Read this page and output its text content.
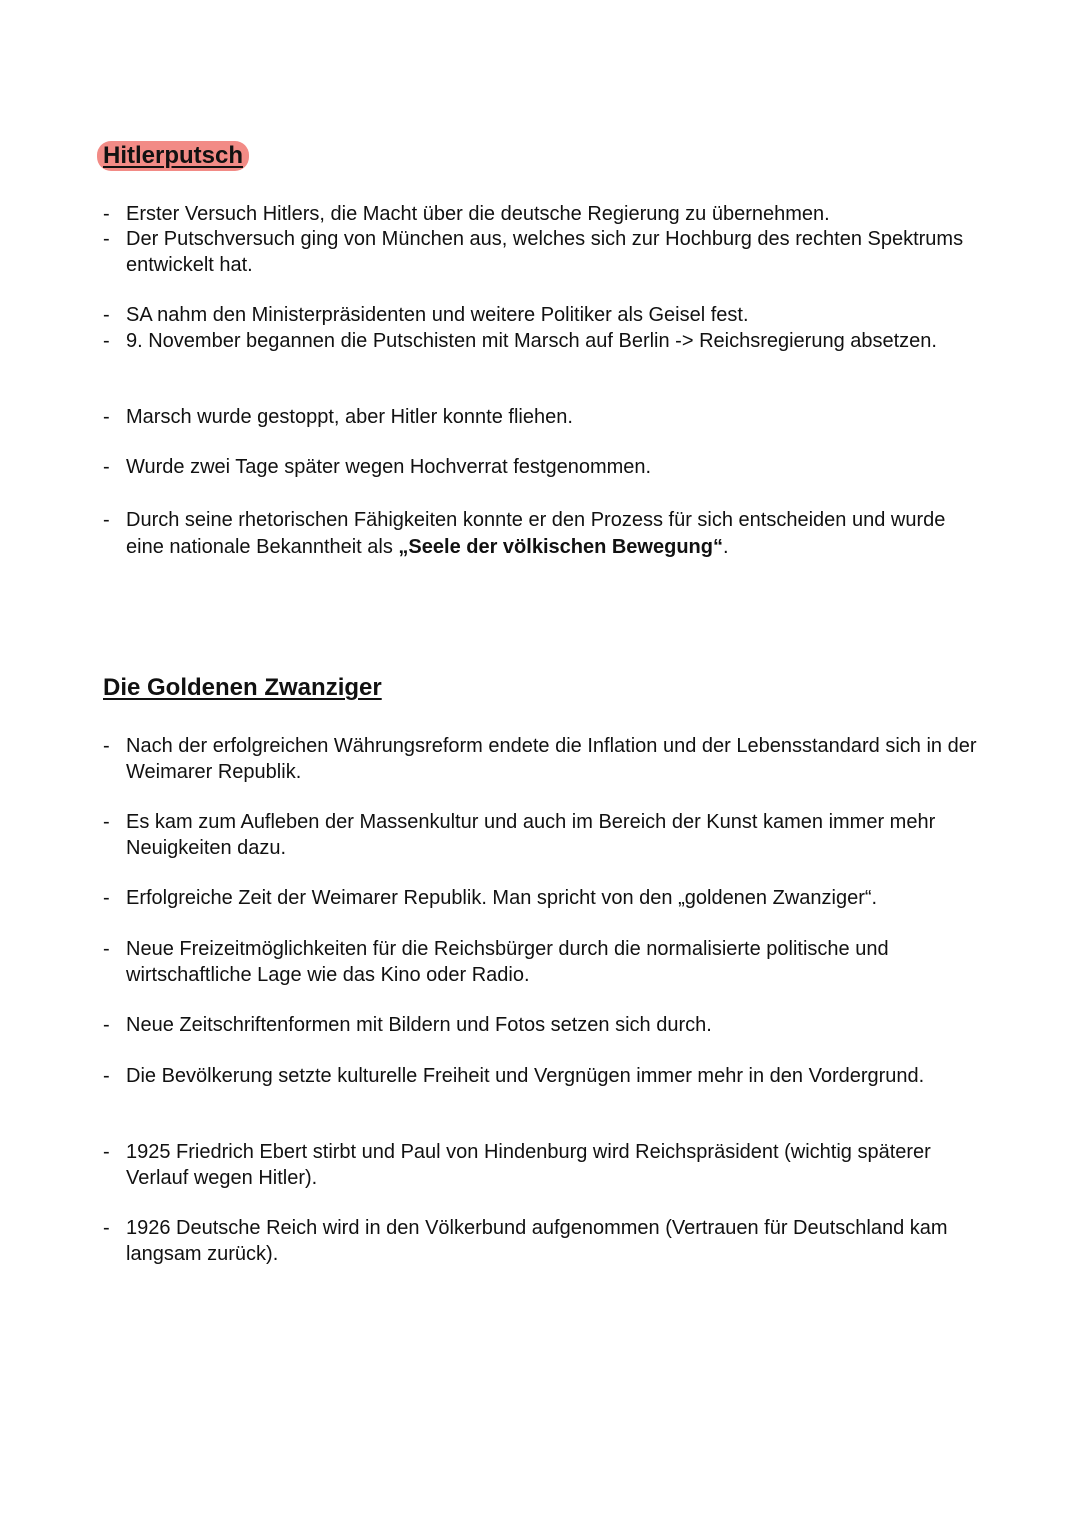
Hitlerputsch
- Erster Versuch Hitlers, die Macht über die deutsche Regierung zu übernehmen.
- Der Putschversuch ging von München aus, welches sich zur Hochburg des rechten Spektrums entwickelt hat.
- SA nahm den Ministerpräsidenten und weitere Politiker als Geisel fest.
- 9. November begannen die Putschisten mit Marsch auf Berlin -> Reichsregierung absetzen.
- Marsch wurde gestoppt, aber Hitler konnte fliehen.
- Wurde zwei Tage später wegen Hochverrat festgenommen.
- Durch seine rhetorischen Fähigkeiten konnte er den Prozess für sich entscheiden und wurde eine nationale Bekanntheit als „Seele der völkischen Bewegung“.
Die Goldenen Zwanziger
- Nach der erfolgreichen Währungsreform endete die Inflation und der Lebensstandard sich in der Weimarer Republik.
- Es kam zum Aufleben der Massenkultur und auch im Bereich der Kunst kamen immer mehr Neuigkeiten dazu.
- Erfolgreiche Zeit der Weimarer Republik. Man spricht von den „goldenen Zwanziger“.
- Neue Freizeitmöglichkeiten für die Reichsbürger durch die normalisierte politische und wirtschaftliche Lage wie das Kino oder Radio.
- Neue Zeitschriftenformen mit Bildern und Fotos setzen sich durch.
- Die Bevölkerung setzte kulturelle Freiheit und Vergnügen immer mehr in den Vordergrund.
- 1925 Friedrich Ebert stirbt und Paul von Hindenburg wird Reichspräsident (wichtig späterer Verlauf wegen Hitler).
- 1926 Deutsche Reich wird in den Völkerbund aufgenommen (Vertrauen für Deutschland kam langsam zurück).
